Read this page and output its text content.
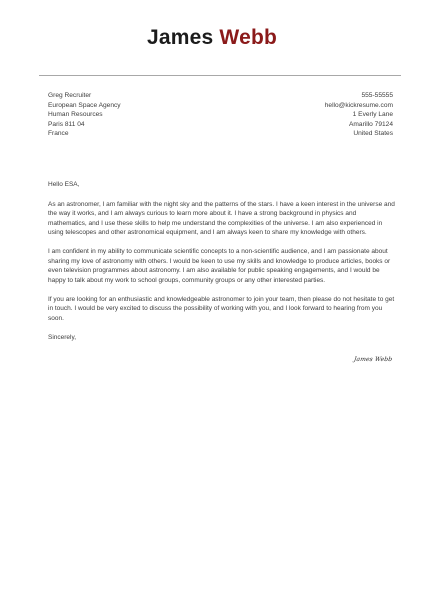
James Webb
Greg Recruiter
European Space Agency
Human Resources
Paris 811 04
France
555-55555
hello@kickresume.com
1 Everly Lane
Amarillo 79124
United States

Hello ESA,

As an astronomer, I am familiar with the night sky and the patterns of the stars. I have a keen interest in the universe and the way it works, and I am always curious to learn more about it. I have a strong background in physics and mathematics, and I use these skills to help me understand the complexities of the universe. I am also experienced in using telescopes and other astronomical equipment, and I am always keen to share my knowledge with others.

I am confident in my ability to communicate scientific concepts to a non-scientific audience, and I am passionate about sharing my love of astronomy with others. I would be keen to use my skills and knowledge to produce articles, books or even television programmes about astronomy. I am also available for public speaking engagements, and I would be happy to talk about my work to school groups, community groups or any other interested parties.

If you are looking for an enthusiastic and knowledgeable astronomer to join your team, then please do not hesitate to get in touch. I would be very excited to discuss the possibility of working with you, and I look forward to hearing from you soon.

Sincerely,

James Webb
